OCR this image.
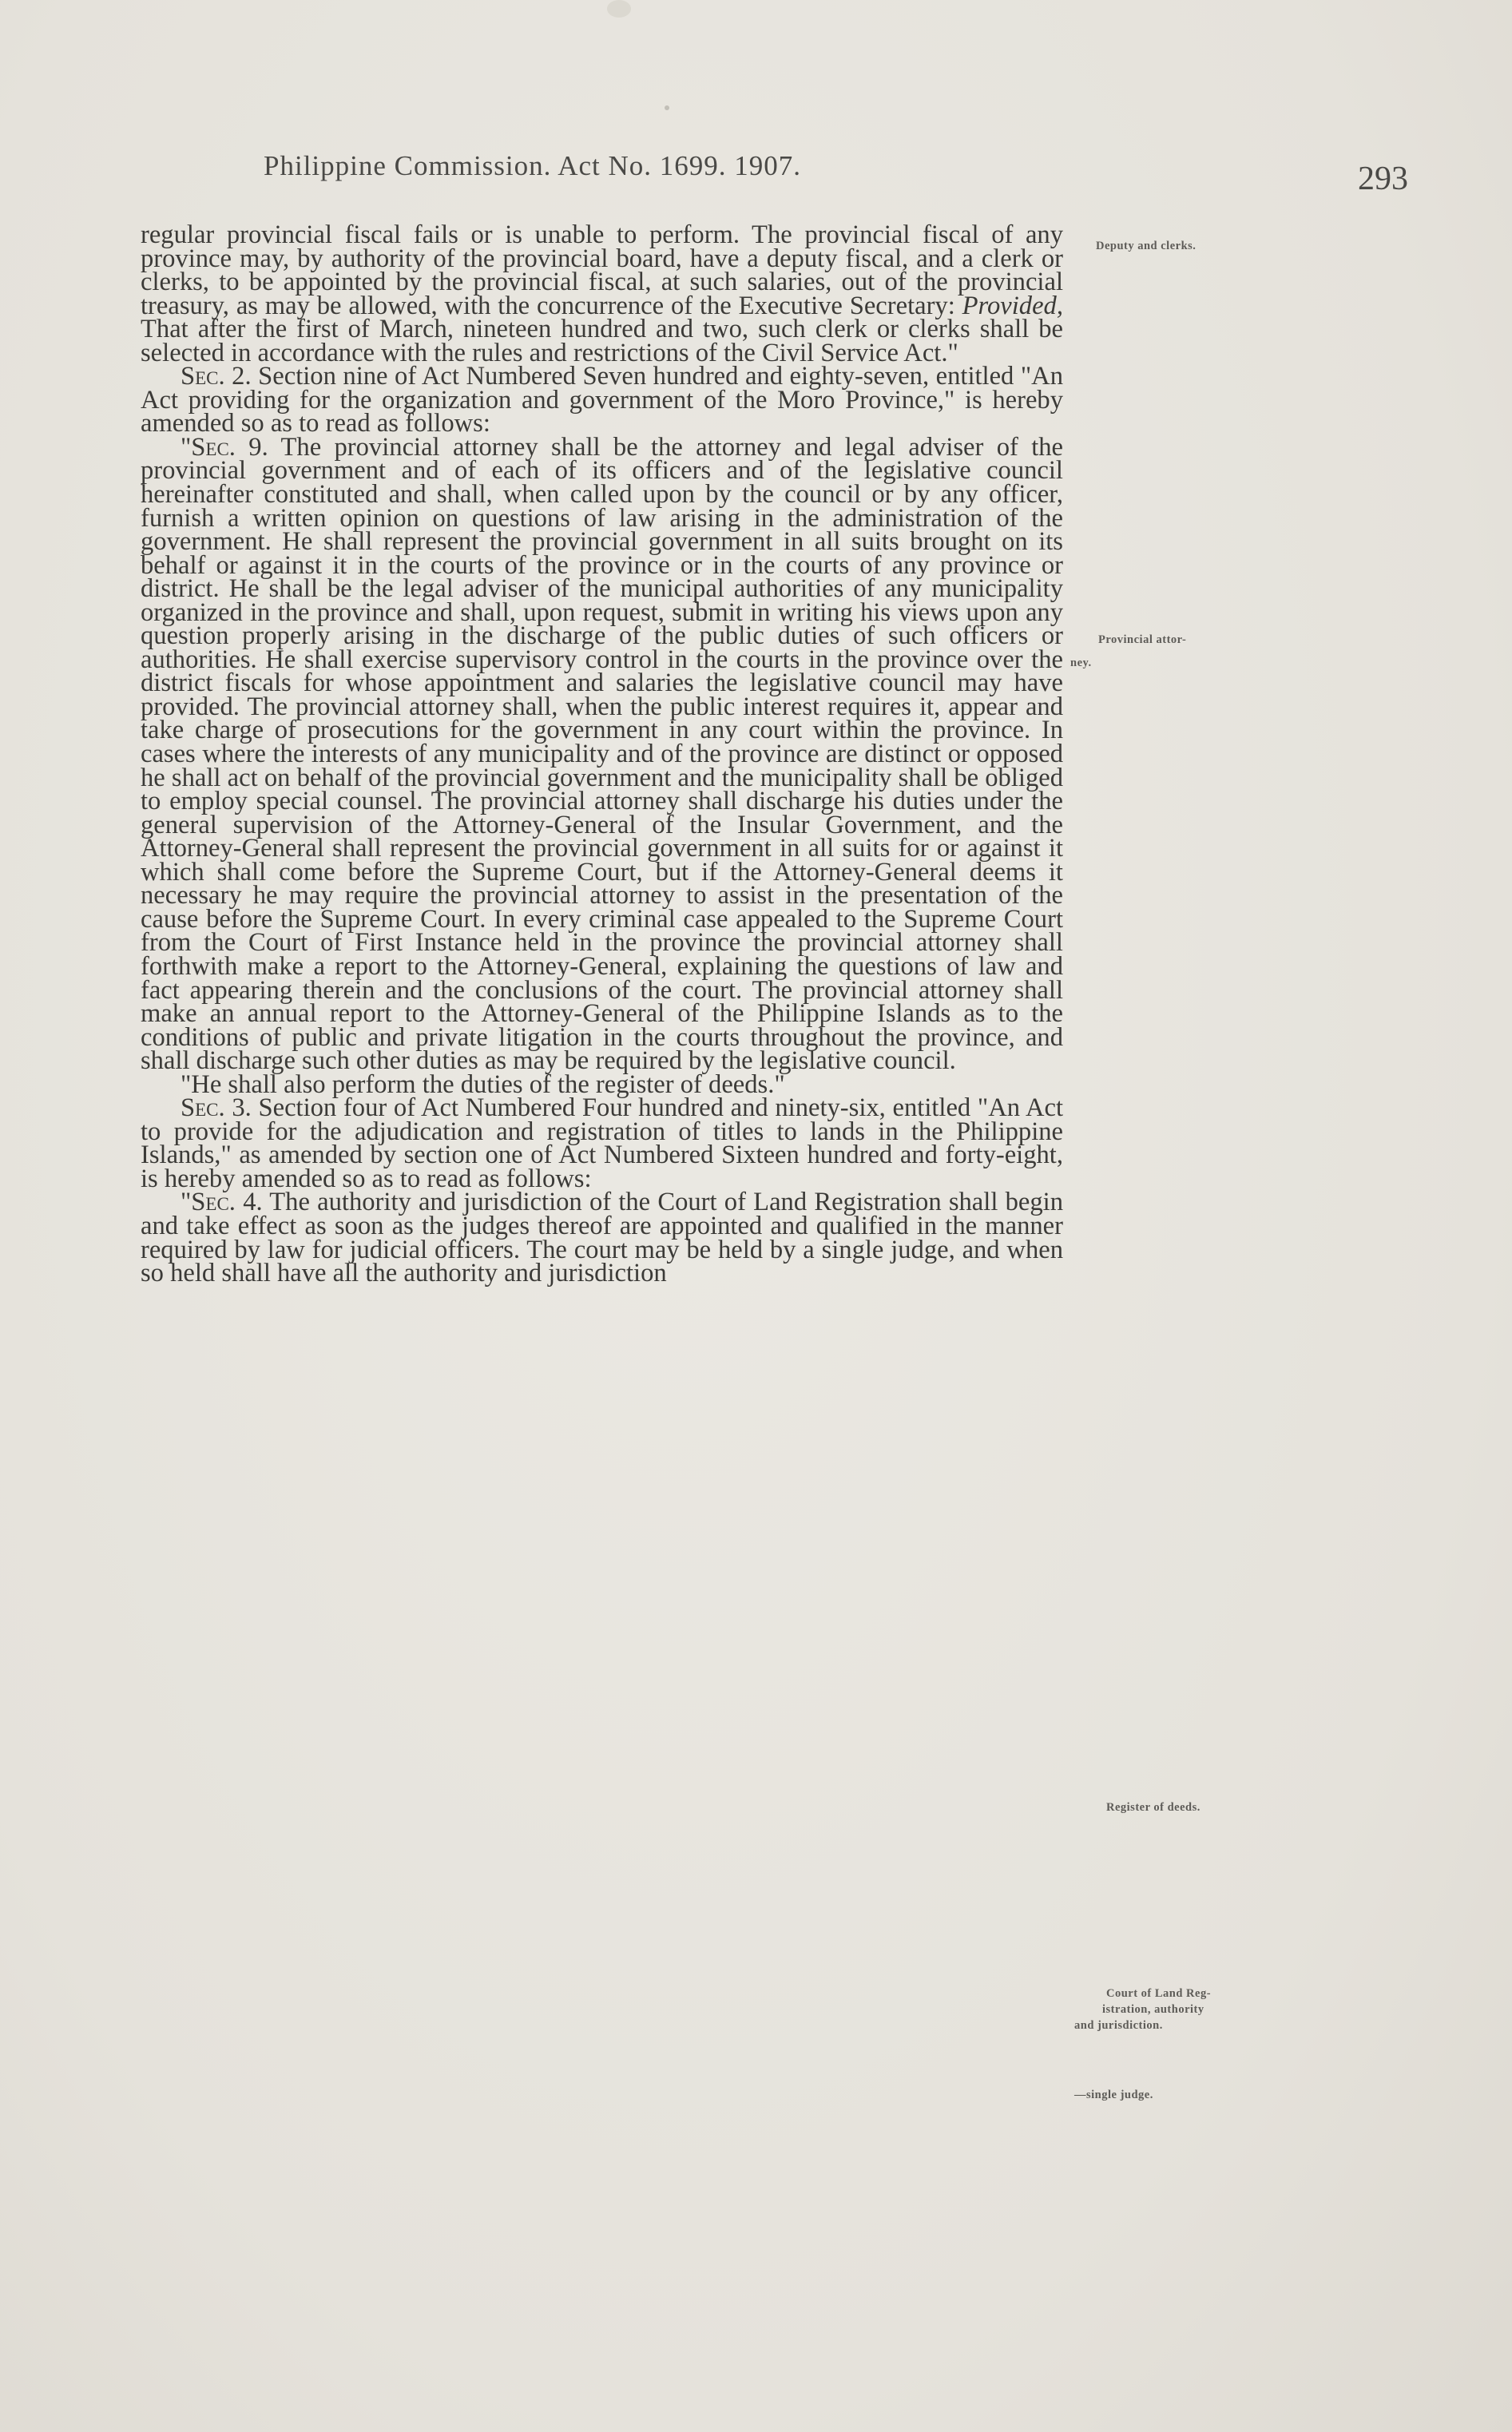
Philippine Commission. Act No. 1699. 1907.	293

regular provincial fiscal fails or is unable to perform. The provincial fiscal of any province may, by authority of the provincial board, have a deputy fiscal, and a clerk or clerks, to be appointed by the provincial fiscal, at such salaries, out of the provincial treasury, as may be allowed, with the concurrence of the Executive Secretary: Provided, That after the first of March, nineteen hundred and two, such clerk or clerks shall be selected in accordance with the rules and restrictions of the Civil Service Act."

Sec. 2. Section nine of Act Numbered Seven hundred and eighty-seven, entitled "An Act providing for the organization and government of the Moro Province," is hereby amended so as to read as follows:

"Sec. 9. The provincial attorney shall be the attorney and legal adviser of the provincial government and of each of its officers and of the legislative council hereinafter constituted and shall, when called upon by the council or by any officer, furnish a written opinion on questions of law arising in the administration of the government. He shall represent the provincial government in all suits brought on its behalf or against it in the courts of the province or in the courts of any province or district. He shall be the legal adviser of the municipal authorities of any municipality organized in the province and shall, upon request, submit in writing his views upon any question properly arising in the discharge of the public duties of such officers or authorities. He shall exercise supervisory control in the courts in the province over the district fiscals for whose appointment and salaries the legislative council may have provided. The provincial attorney shall, when the public interest requires it, appear and take charge of prosecutions for the government in any court within the province. In cases where the interests of any municipality and of the province are distinct or opposed he shall act on behalf of the provincial government and the municipality shall be obliged to employ special counsel. The provincial attorney shall discharge his duties under the general supervision of the Attorney-General of the Insular Government, and the Attorney-General shall represent the provincial government in all suits for or against it which shall come before the Supreme Court, but if the Attorney-General deems it necessary he may require the provincial attorney to assist in the presentation of the cause before the Supreme Court. In every criminal case appealed to the Supreme Court from the Court of First Instance held in the province the provincial attorney shall forthwith make a report to the Attorney-General, explaining the questions of law and fact appearing therein and the conclusions of the court. The provincial attorney shall make an annual report to the Attorney-General of the Philippine Islands as to the conditions of public and private litigation in the courts throughout the province, and shall discharge such other duties as may be required by the legislative council.

"He shall also perform the duties of the register of deeds."

Sec. 3. Section four of Act Numbered Four hundred and ninety-six, entitled "An Act to provide for the adjudication and registration of titles to lands in the Philippine Islands," as amended by section one of Act Numbered Sixteen hundred and forty-eight, is hereby amended so as to read as follows:

"Sec. 4. The authority and jurisdiction of the Court of Land Registration shall begin and take effect as soon as the judges thereof are appointed and qualified in the manner required by law for judicial officers. The court may be held by a single judge, and when so held shall have all the authority and jurisdiction

Deputy and clerks.
Provincial attor-
ney.
Register of deeds.
Court of Land Reg-
istration, authority
and jurisdiction.
—single judge.
